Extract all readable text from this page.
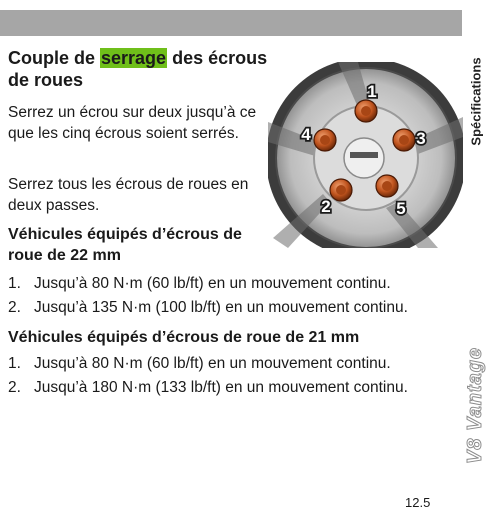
Couple de serrage des écrous de roues

Serrez un écrou sur deux jusqu’à ce que les cinq écrous soient serrés.

Serrez tous les écrous de roues en deux passes.

1
3
5
2
4
Véhicules équipés d’écrous de roue de 22 mm
1. Jusqu’à 80 N·m (60 lb/ft) en un mouvement continu.
2. Jusqu’à 135 N·m (100 lb/ft) en un mouvement continu.
Véhicules équipés d’écrous de roue de 21 mm
1. Jusqu’à 80 N·m (60 lb/ft) en un mouvement continu.
2. Jusqu’à 180 N·m (133 lb/ft) en un mouvement continu.
Spécifications
V8 Vantage
12.5
